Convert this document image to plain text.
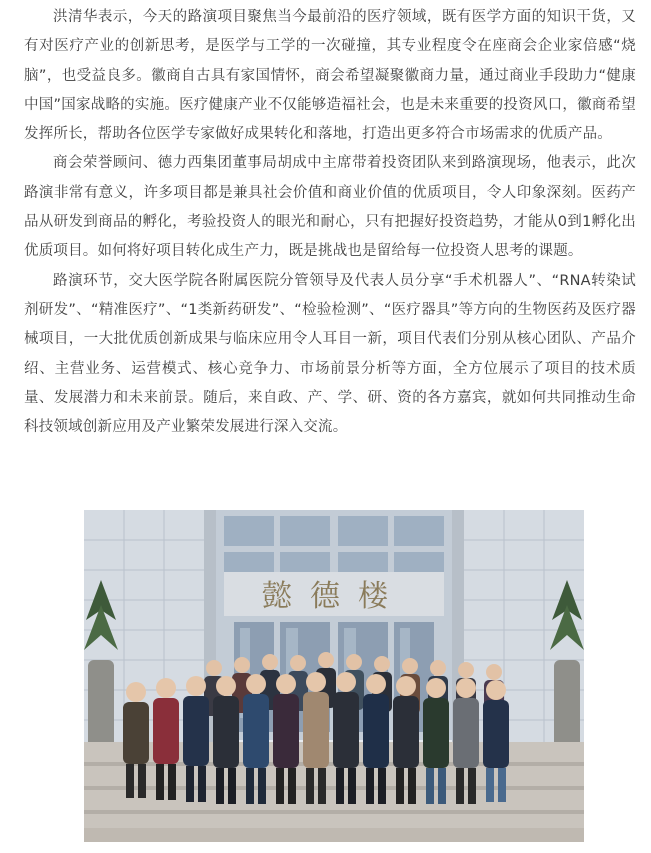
洪清华表示，今天的路演项目聚焦当今最前沿的医疗领域，既有医学方面的知识干货，又有对医疗产业的创新思考，是医学与工学的一次碰撞，其专业程度令在座商会企业家倍感“烧脑”，也受益良多。徽商自古具有家国情怀，商会希望凝聚徽商力量，通过商业手段助力“健康中国”国家战略的实施。医疗健康产业不仅能够造福社会，也是未来重要的投资风口，徽商希望发挥所长，帮助各位医学专家做好成果转化和落地，打造出更多符合市场需求的优质产品。

商会荣誉顾问、德力西集团董事局胡成中主席带着投资团队来到路演现场，他表示，此次路演非常有意义，许多项目都是兼具社会价值和商业价值的优质项目，令人印象深刻。医药产品从研发到商品的孵化，考验投资人的眼光和耐心，只有把握好投资趋势，才能从0到1孵化出优质项目。如何将好项目转化成生产力，既是挑战也是留给每一位投资人思考的课题。

路演环节，交大医学院各附属医院分管领导及代表人员分享“手术机器人”、“RNA转染试剂研发”、“精准医疗”、“1类新药研发”、“检验检测”、“医疗器具”等方向的生物医药及医疗器械项目，一大批优质创新成果与临床应用令人耳目一新，项目代表们分别从核心团队、产品介绍、主营业务、运营模式、核心竞争力、市场前景分析等方面，全方位展示了项目的技术质量、发展潜力和未来前景。随后，来自政、产、学、研、资的各方嘉宾，就如何共同推动生命科技领域创新应用及产业繁荣发展进行深入交流。

懿德楼
